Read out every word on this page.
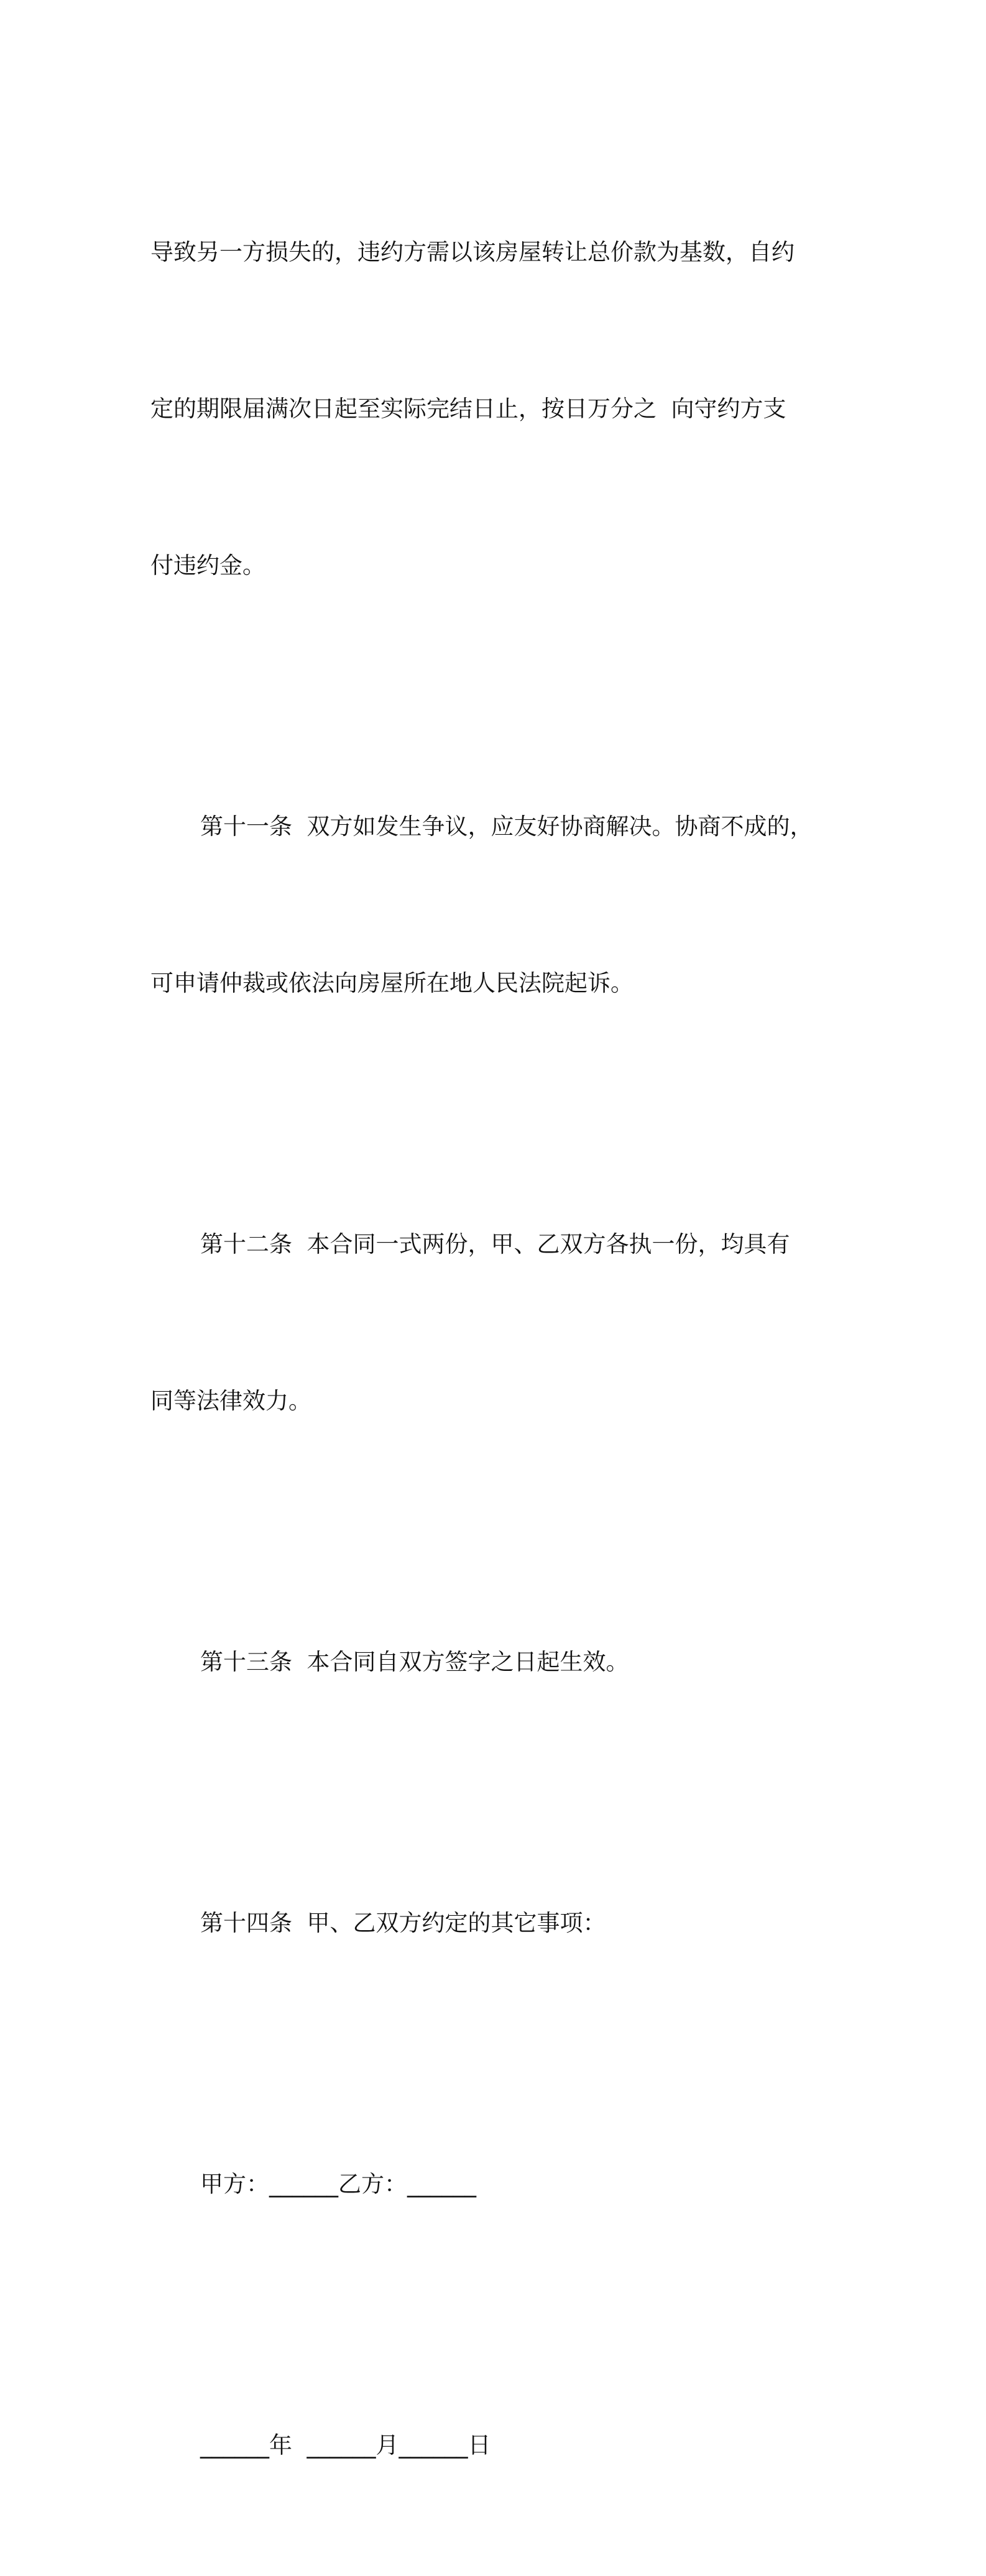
导致另一方损失的，违约方需以该房屋转让总价款为基数，自约

定的期限届满次日起至实际完结日止，按日万分之  向守约方支

付违约金。

第十一条  双方如发生争议，应友好协商解决。协商不成的，

可申请仲裁或依法向房屋所在地人民法院起诉。

第十二条  本合同一式两份，甲、乙双方各执一份，均具有

同等法律效力。

第十三条  本合同自双方签字之日起生效。

第十四条  甲、乙双方约定的其它事项：

甲方：______乙方：______

______年  ______月______日
